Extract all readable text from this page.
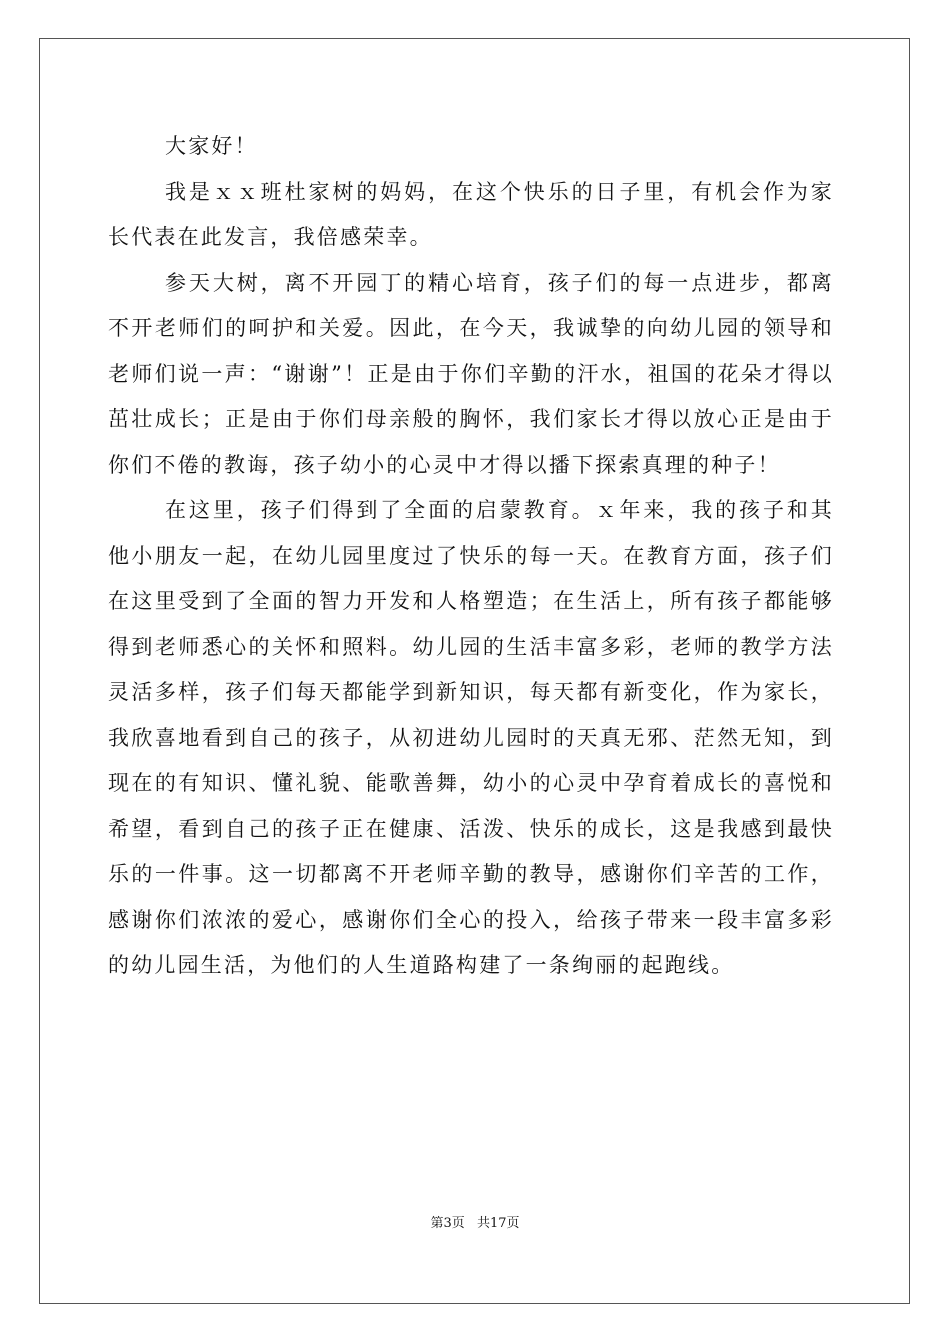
大家好！

我是ｘｘ班杜家树的妈妈，在这个快乐的日子里，有机会作为家长代表在此发言，我倍感荣幸。

参天大树，离不开园丁的精心培育，孩子们的每一点进步，都离不开老师们的呵护和关爱。因此，在今天，我诚挚的向幼儿园的领导和老师们说一声：“谢谢”！正是由于你们辛勤的汗水，祖国的花朵才得以茁壮成长；正是由于你们母亲般的胸怀，我们家长才得以放心正是由于你们不倦的教诲，孩子幼小的心灵中才得以播下探索真理的种子！

在这里，孩子们得到了全面的启蒙教育。ｘ年来，我的孩子和其他小朋友一起，在幼儿园里度过了快乐的每一天。在教育方面，孩子们在这里受到了全面的智力开发和人格塑造；在生活上，所有孩子都能够得到老师悉心的关怀和照料。幼儿园的生活丰富多彩，老师的教学方法灵活多样，孩子们每天都能学到新知识，每天都有新变化，作为家长，我欣喜地看到自己的孩子，从初进幼儿园时的天真无邪、茫然无知，到现在的有知识、懂礼貌、能歌善舞，幼小的心灵中孕育着成长的喜悦和希望，看到自己的孩子正在健康、活泼、快乐的成长，这是我感到最快乐的一件事。这一切都离不开老师辛勤的教导，感谢你们辛苦的工作，感谢你们浓浓的爱心，感谢你们全心的投入，给孩子带来一段丰富多彩的幼儿园生活，为他们的人生道路构建了一条绚丽的起跑线。

第3页 共17页
